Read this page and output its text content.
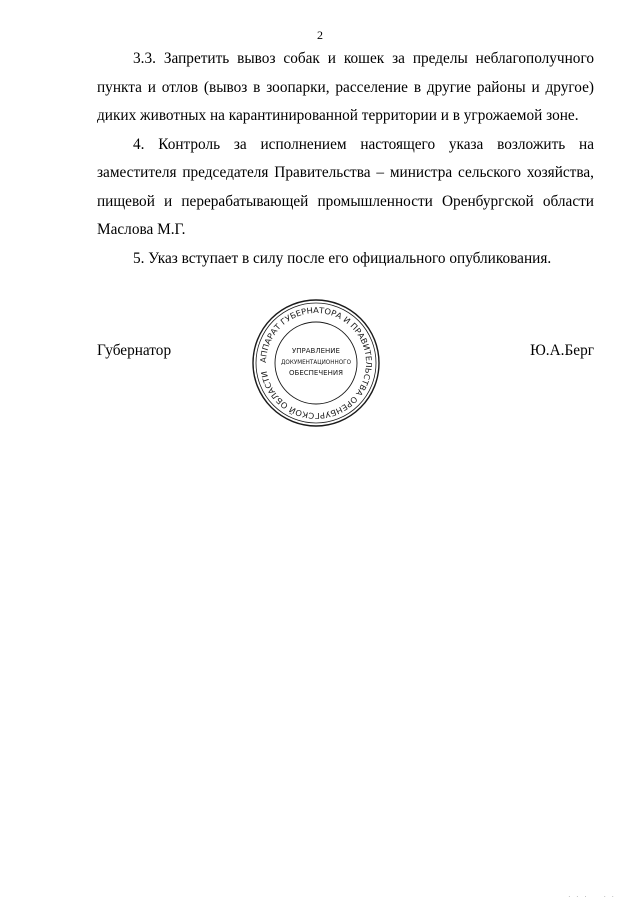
2

3.3. Запретить вывоз собак и кошек за пределы неблагополучного пункта и отлов (вывоз в зоопарки, расселение в другие районы и другое) диких животных на карантинированной территории и в угрожаемой зоне.

4. Контроль за исполнением настоящего указа возложить на заместителя председателя Правительства – министра сельского хозяйства, пищевой и перерабатывающей промышленности Оренбургской области Маслова М.Г.

5. Указ вступает в силу после его официального опубликования.

Губернатор	Ю.А.Берг
АППАРАТ ГУБЕРНАТОРА И ПРАВИТЕЛЬСТВА ОРЕНБУРГСКОЙ ОБЛАСТИ
УПРАВЛЕНИЕ
ДОКУМЕНТАЦИОННОГО
ОБЕСПЕЧЕНИЯ
· · ·    · ·
